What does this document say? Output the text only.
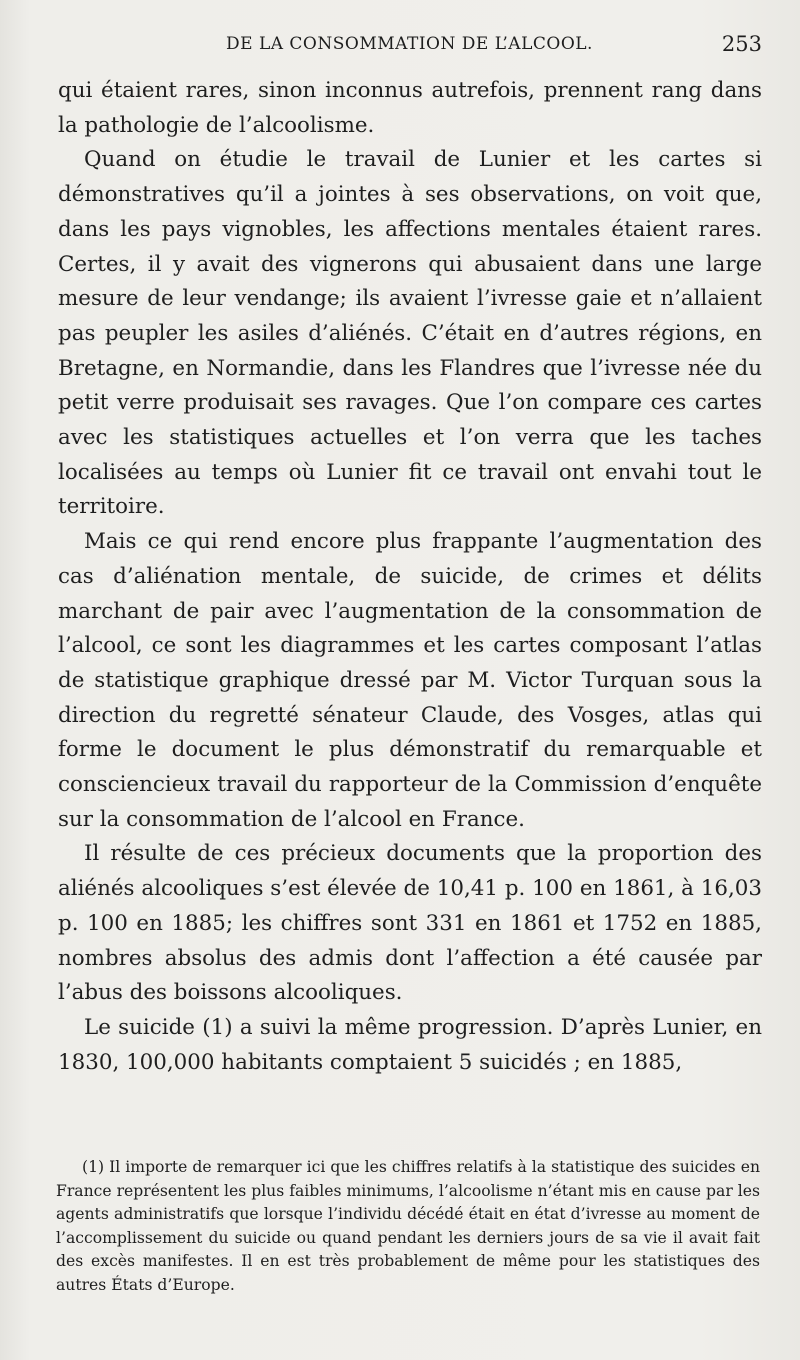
DE LA CONSOMMATION DE L’ALCOOL.	253

qui étaient rares, sinon inconnus autrefois, prennent rang dans la pathologie de l’alcoolisme.

Quand on étudie le travail de Lunier et les cartes si démonstratives qu’il a jointes à ses observations, on voit que, dans les pays vignobles, les affections mentales étaient rares. Certes, il y avait des vignerons qui abusaient dans une large mesure de leur vendange; ils avaient l’ivresse gaie et n’allaient pas peupler les asiles d’aliénés. C’était en d’autres régions, en Bretagne, en Normandie, dans les Flandres que l’ivresse née du petit verre produisait ses ravages. Que l’on compare ces cartes avec les statistiques actuelles et l’on verra que les taches localisées au temps où Lunier fit ce travail ont envahi tout le territoire.

Mais ce qui rend encore plus frappante l’augmentation des cas d’aliénation mentale, de suicide, de crimes et délits marchant de pair avec l’augmentation de la consommation de l’alcool, ce sont les diagrammes et les cartes composant l’atlas de statistique graphique dressé par M. Victor Turquan sous la direction du regretté sénateur Claude, des Vosges, atlas qui forme le document le plus démonstratif du remarquable et consciencieux travail du rapporteur de la Commission d’enquête sur la consommation de l’alcool en France.

Il résulte de ces précieux documents que la proportion des aliénés alcooliques s’est élevée de 10,41 p. 100 en 1861, à 16,03 p. 100 en 1885; les chiffres sont 331 en 1861 et 1752 en 1885, nombres absolus des admis dont l’affection a été causée par l’abus des boissons alcooliques.

Le suicide (1) a suivi la même progression. D’après Lunier, en 1830, 100,000 habitants comptaient 5 suicidés ; en 1885,

(1) Il importe de remarquer ici que les chiffres relatifs à la statistique des suicides en France représentent les plus faibles minimums, l’alcoolisme n’étant mis en cause par les agents administratifs que lorsque l’individu décédé était en état d’ivresse au moment de l’accomplissement du suicide ou quand pendant les derniers jours de sa vie il avait fait des excès manifestes. Il en est très probablement de même pour les statistiques des autres États d’Europe.
